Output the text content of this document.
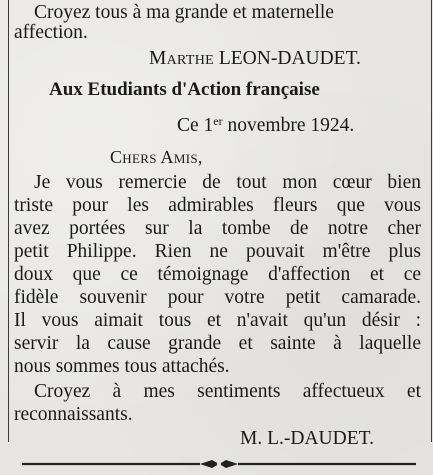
Croyez tous à ma grande et maternelle
affection.
Marthe LEON-DAUDET.
Aux Etudiants d'Action française
Ce 1er novembre 1924.
Chers Amis,
Je vous remercie de tout mon cœur bien
triste pour les admirables fleurs que vous
avez portées sur la tombe de notre cher
petit Philippe. Rien ne pouvait m'être plus
doux que ce témoignage d'affection et ce
fidèle souvenir pour votre petit camarade.
Il vous aimait tous et n'avait qu'un désir :
servir la cause grande et sainte à laquelle
nous sommes tous attachés.
Croyez à mes sentiments affectueux et
reconnaissants.
M. L.-DAUDET.
